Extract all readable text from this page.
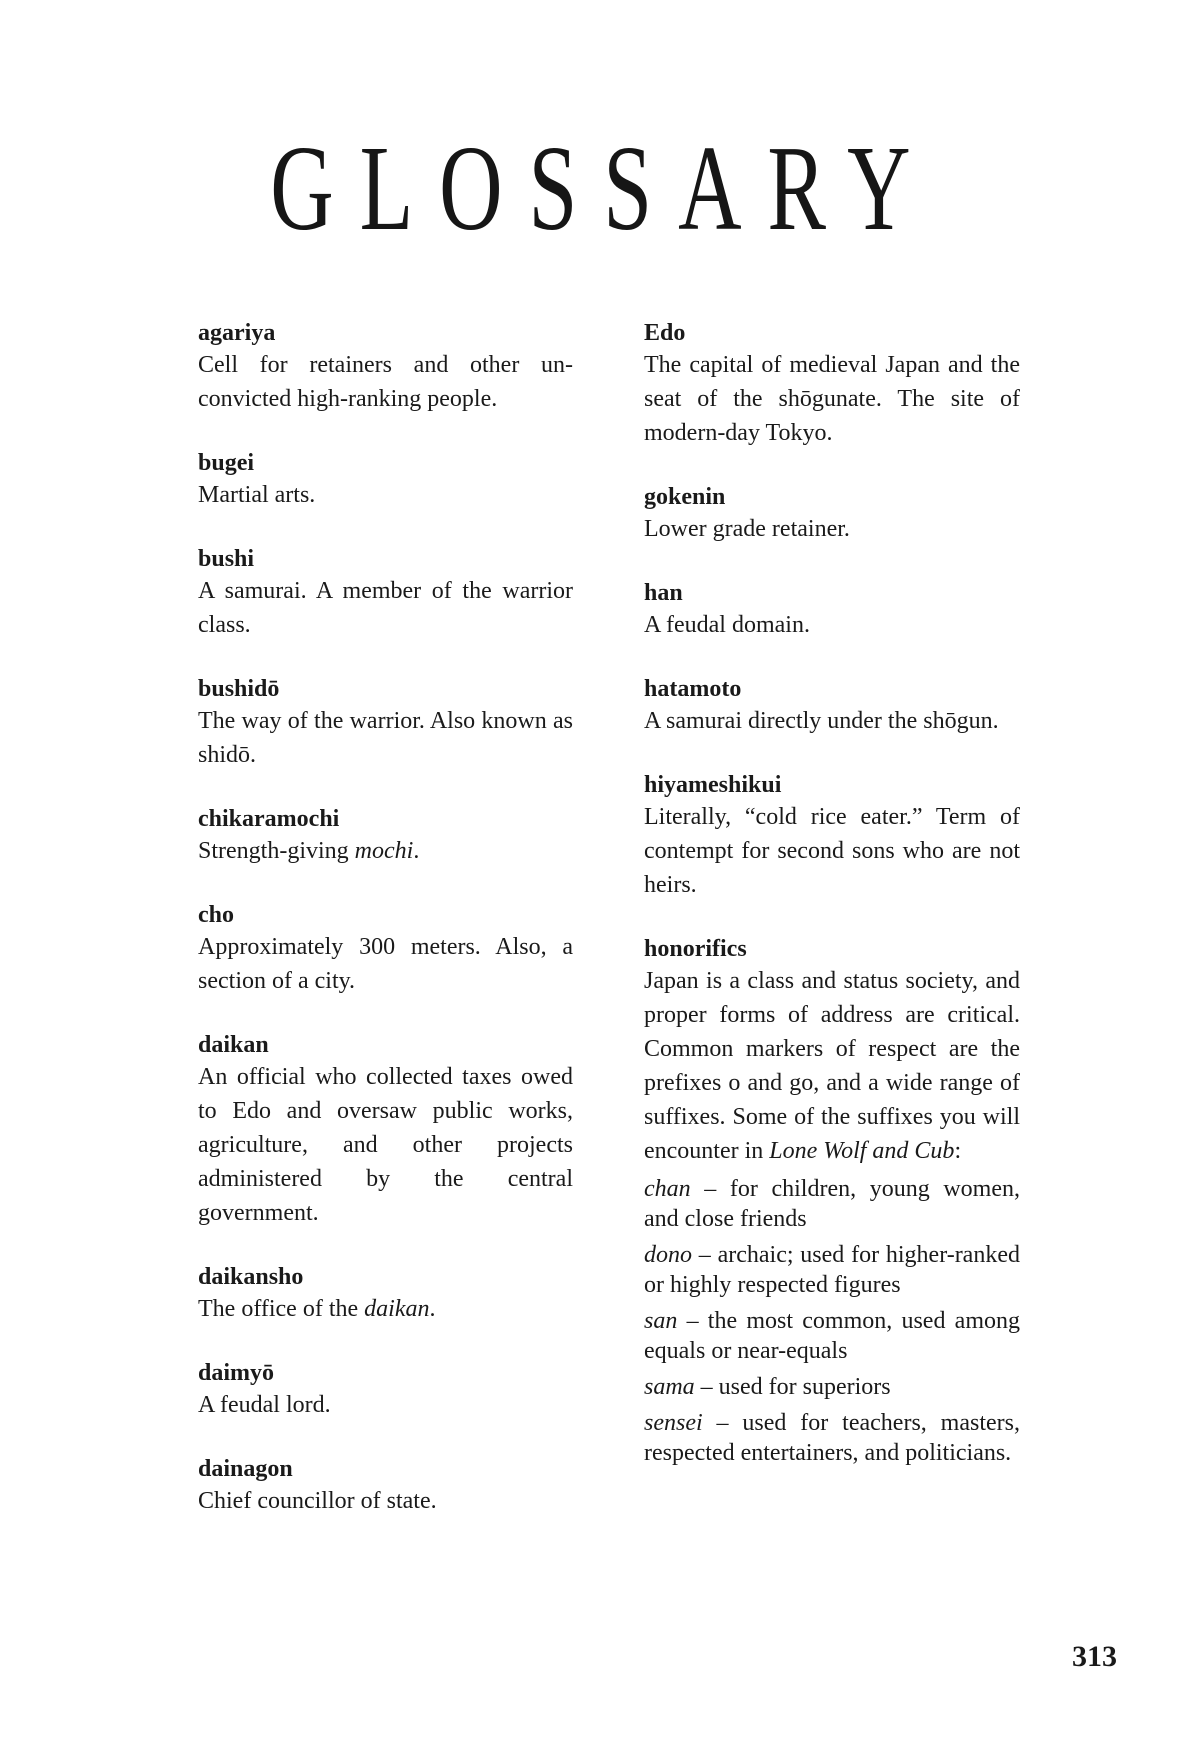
GLOSSARY
agariya
Cell for retainers and other un-convicted high-ranking people.
bugei
Martial arts.
bushi
A samurai. A member of the warrior class.
bushidō
The way of the warrior. Also known as shidō.
chikaramochi
Strength-giving mochi.
cho
Approximately 300 meters. Also, a section of a city.
daikan
An official who collected taxes owed to Edo and oversaw public works, agriculture, and other projects administered by the central government.
daikansho
The office of the daikan.
daimyō
A feudal lord.
dainagon
Chief councillor of state.
Edo
The capital of medieval Japan and the seat of the shōgunate. The site of modern-day Tokyo.
gokenin
Lower grade retainer.
han
A feudal domain.
hatamoto
A samurai directly under the shōgun.
hiyameshikui
Literally, “cold rice eater.” Term of contempt for second sons who are not heirs.
honorifics
Japan is a class and status society, and proper forms of address are critical. Common markers of respect are the prefixes o and go, and a wide range of suffixes. Some of the suffixes you will encounter in Lone Wolf and Cub:
chan – for children, young women, and close friends
dono – archaic; used for higher-ranked or highly respected figures
san – the most common, used among equals or near-equals
sama – used for superiors
sensei – used for teachers, masters, respected entertainers, and politicians.
313
